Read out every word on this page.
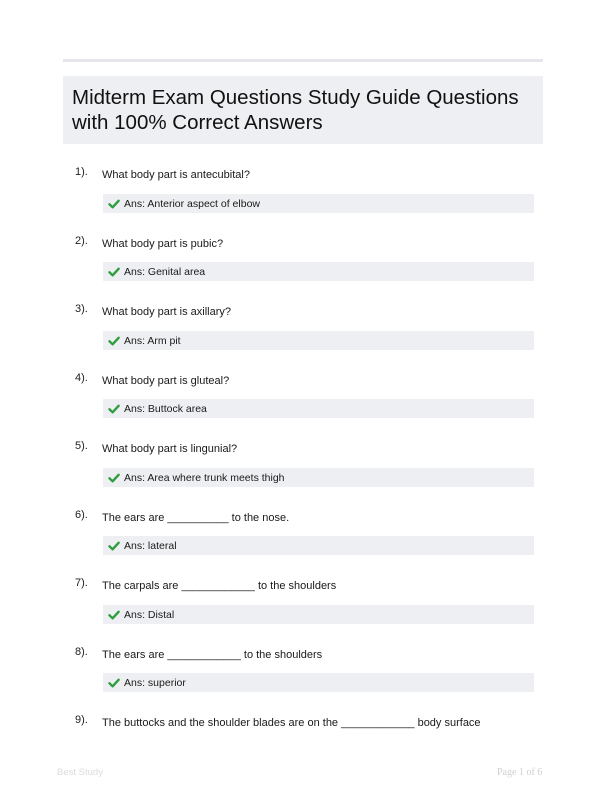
Midterm Exam Questions Study Guide Questions with 100% Correct Answers
1).	What body part is antecubital?
Ans: Anterior aspect of elbow
2).	What body part is pubic?
Ans: Genital area
3).	What body part is axillary?
Ans: Arm pit
4).	What body part is gluteal?
Ans: Buttock area
5).	What body part is lingunial?
Ans: Area where trunk meets thigh
6).	The ears are __________ to the nose.
Ans: lateral
7).	The carpals are ____________ to the shoulders
Ans: Distal
8).	The ears are ____________ to the shoulders
Ans: superior
9).	The buttocks and the shoulder blades are on the ____________ body surface
Best Study	Page 1 of 6
